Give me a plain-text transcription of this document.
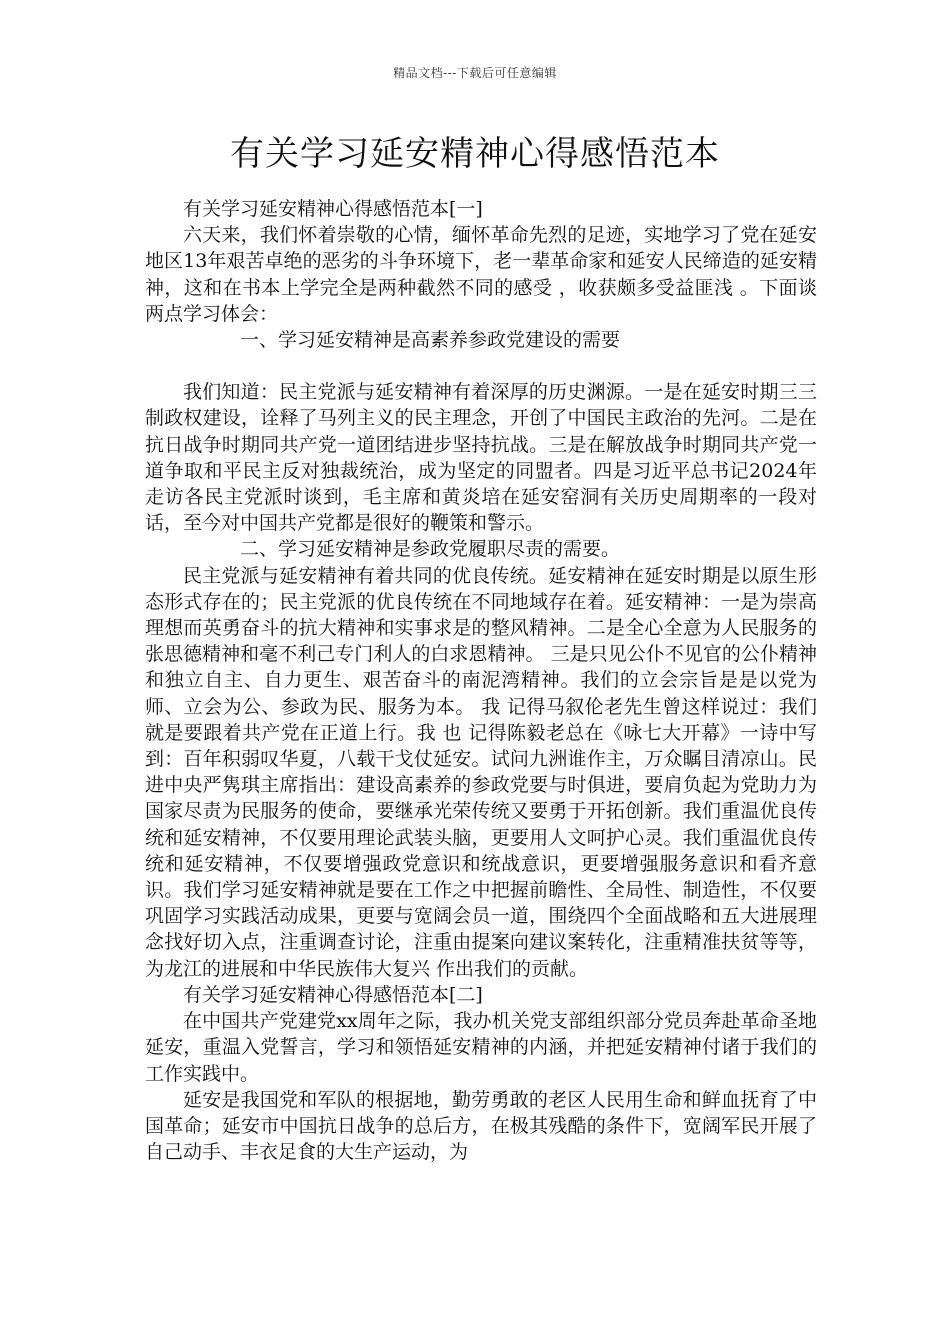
精品文档---下载后可任意编辑
有关学习延安精神心得感悟范本

有关学习延安精神心得感悟范本[一]

六天来，我们怀着崇敬的心情，缅怀革命先烈的足迹，实地学习了党在延安地区13年艰苦卓绝的恶劣的斗争环境下，老一辈革命家和延安人民缔造的延安精神，这和在书本上学完全是两种截然不同的感受 ，收获颇多受益匪浅 。下面谈两点学习体会：

一、学习延安精神是高素养参政党建设的需要

我们知道：民主党派与延安精神有着深厚的历史渊源。一是在延安时期三三制政权建设，诠释了马列主义的民主理念，开创了中国民主政治的先河。二是在抗日战争时期同共产党一道团结进步坚持抗战。三是在解放战争时期同共产党一道争取和平民主反对独裁统治，成为坚定的同盟者。四是习近平总书记2024年走访各民主党派时谈到，毛主席和黄炎培在延安窑洞有关历史周期率的一段对话，至今对中国共产党都是很好的鞭策和警示。

二、学习延安精神是参政党履职尽责的需要。

民主党派与延安精神有着共同的优良传统。延安精神在延安时期是以原生形态形式存在的；民主党派的优良传统在不同地域存在着。延安精神：一是为崇高理想而英勇奋斗的抗大精神和实事求是的整风精神。二是全心全意为人民服务的张思德精神和毫不利己专门利人的白求恩精神。 三是只见公仆不见官的公仆精神和独立自主、自力更生、艰苦奋斗的南泥湾精神。我们的立会宗旨是是以党为师、立会为公、参政为民、服务为本。 我 记得马叙伦老先生曾这样说过：我们就是要跟着共产党在正道上行。我 也 记得陈毅老总在《咏七大开幕》一诗中写到：百年积弱叹华夏，八载干戈仗延安。试问九洲谁作主，万众瞩目清凉山。民进中央严隽琪主席指出：建设高素养的参政党要与时俱进，要肩负起为党助力为国家尽责为民服务的使命，要继承光荣传统又要勇于开拓创新。我们重温优良传统和延安精神，不仅要用理论武装头脑，更要用人文呵护心灵。我们重温优良传统和延安精神，不仅要增强政党意识和统战意识，更要增强服务意识和看齐意识。我们学习延安精神就是要在工作之中把握前瞻性、全局性、制造性，不仅要巩固学习实践活动成果，更要与宽阔会员一道，围绕四个全面战略和五大进展理念找好切入点，注重调查讨论，注重由提案向建议案转化，注重精准扶贫等等，为龙江的进展和中华民族伟大复兴 作出我们的贡献。

有关学习延安精神心得感悟范本[二]

在中国共产党建党xx周年之际，我办机关党支部组织部分党员奔赴革命圣地延安，重温入党誓言，学习和领悟延安精神的内涵，并把延安精神付诸于我们的工作实践中。

延安是我国党和军队的根据地，勤劳勇敢的老区人民用生命和鲜血抚育了中国革命；延安市中国抗日战争的总后方，在极其残酷的条件下，宽阔军民开展了自己动手、丰衣足食的大生产运动，为
